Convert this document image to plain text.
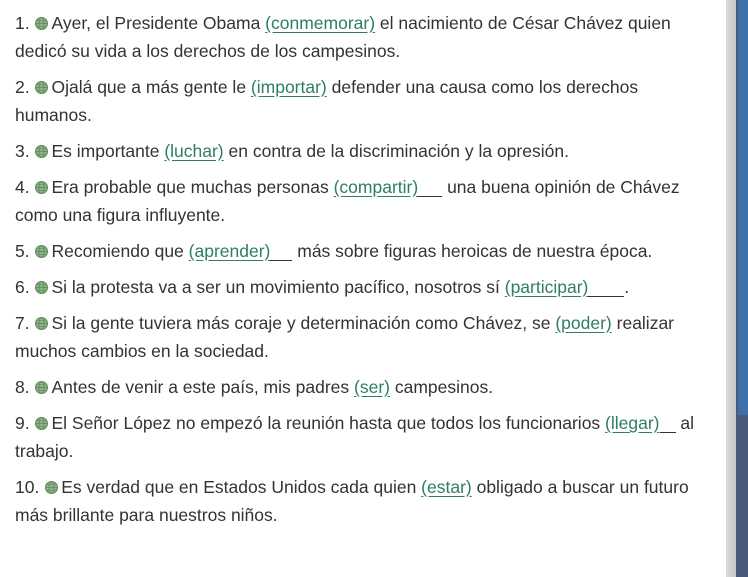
1. Ayer, el Presidente Obama (conmemorar) el nacimiento de César Chávez quien dedicó su vida a los derechos de los campesinos.
2. Ojalá que a más gente le (importar) defender una causa como los derechos humanos.
3. Es importante (luchar) en contra de la discriminación y la opresión.
4. Era probable que muchas personas (compartir) una buena opinión de Chávez como una figura influyente.
5. Recomiendo que (aprender) más sobre figuras heroicas de nuestra época.
6. Si la protesta va a ser un movimiento pacífico, nosotros sí (participar) .
7. Si la gente tuviera más coraje y determinación como Chávez, se (poder) realizar muchos cambios en la sociedad.
8. Antes de venir a este país, mis padres (ser) campesinos.
9. El Señor López no empezó la reunión hasta que todos los funcionarios (llegar) al trabajo.
10. Es verdad que en Estados Unidos cada quien (estar) obligado a buscar un futuro más brillante para nuestros niños.
